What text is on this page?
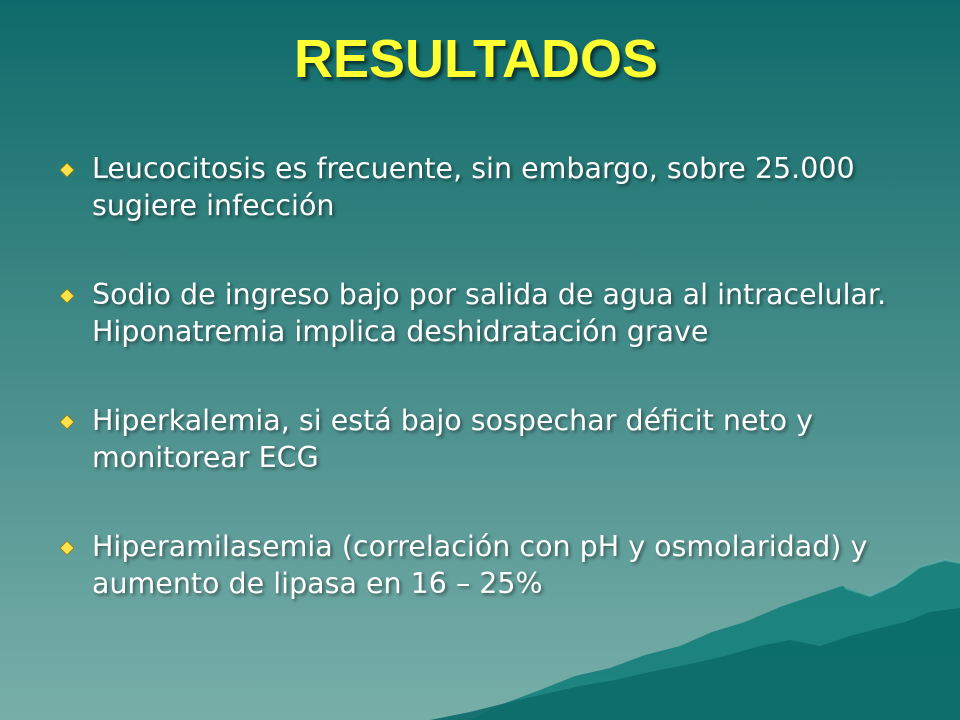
RESULTADOS
Leucocitosis es frecuente, sin embargo, sobre 25.000 sugiere infección
Sodio de ingreso bajo por salida de agua al intracelular. Hiponatremia implica deshidratación grave
Hiperkalemia, si está bajo sospechar déficit neto y monitorear ECG
Hiperamilasemia (correlación con pH y osmolaridad) y aumento de lipasa en 16 – 25%
